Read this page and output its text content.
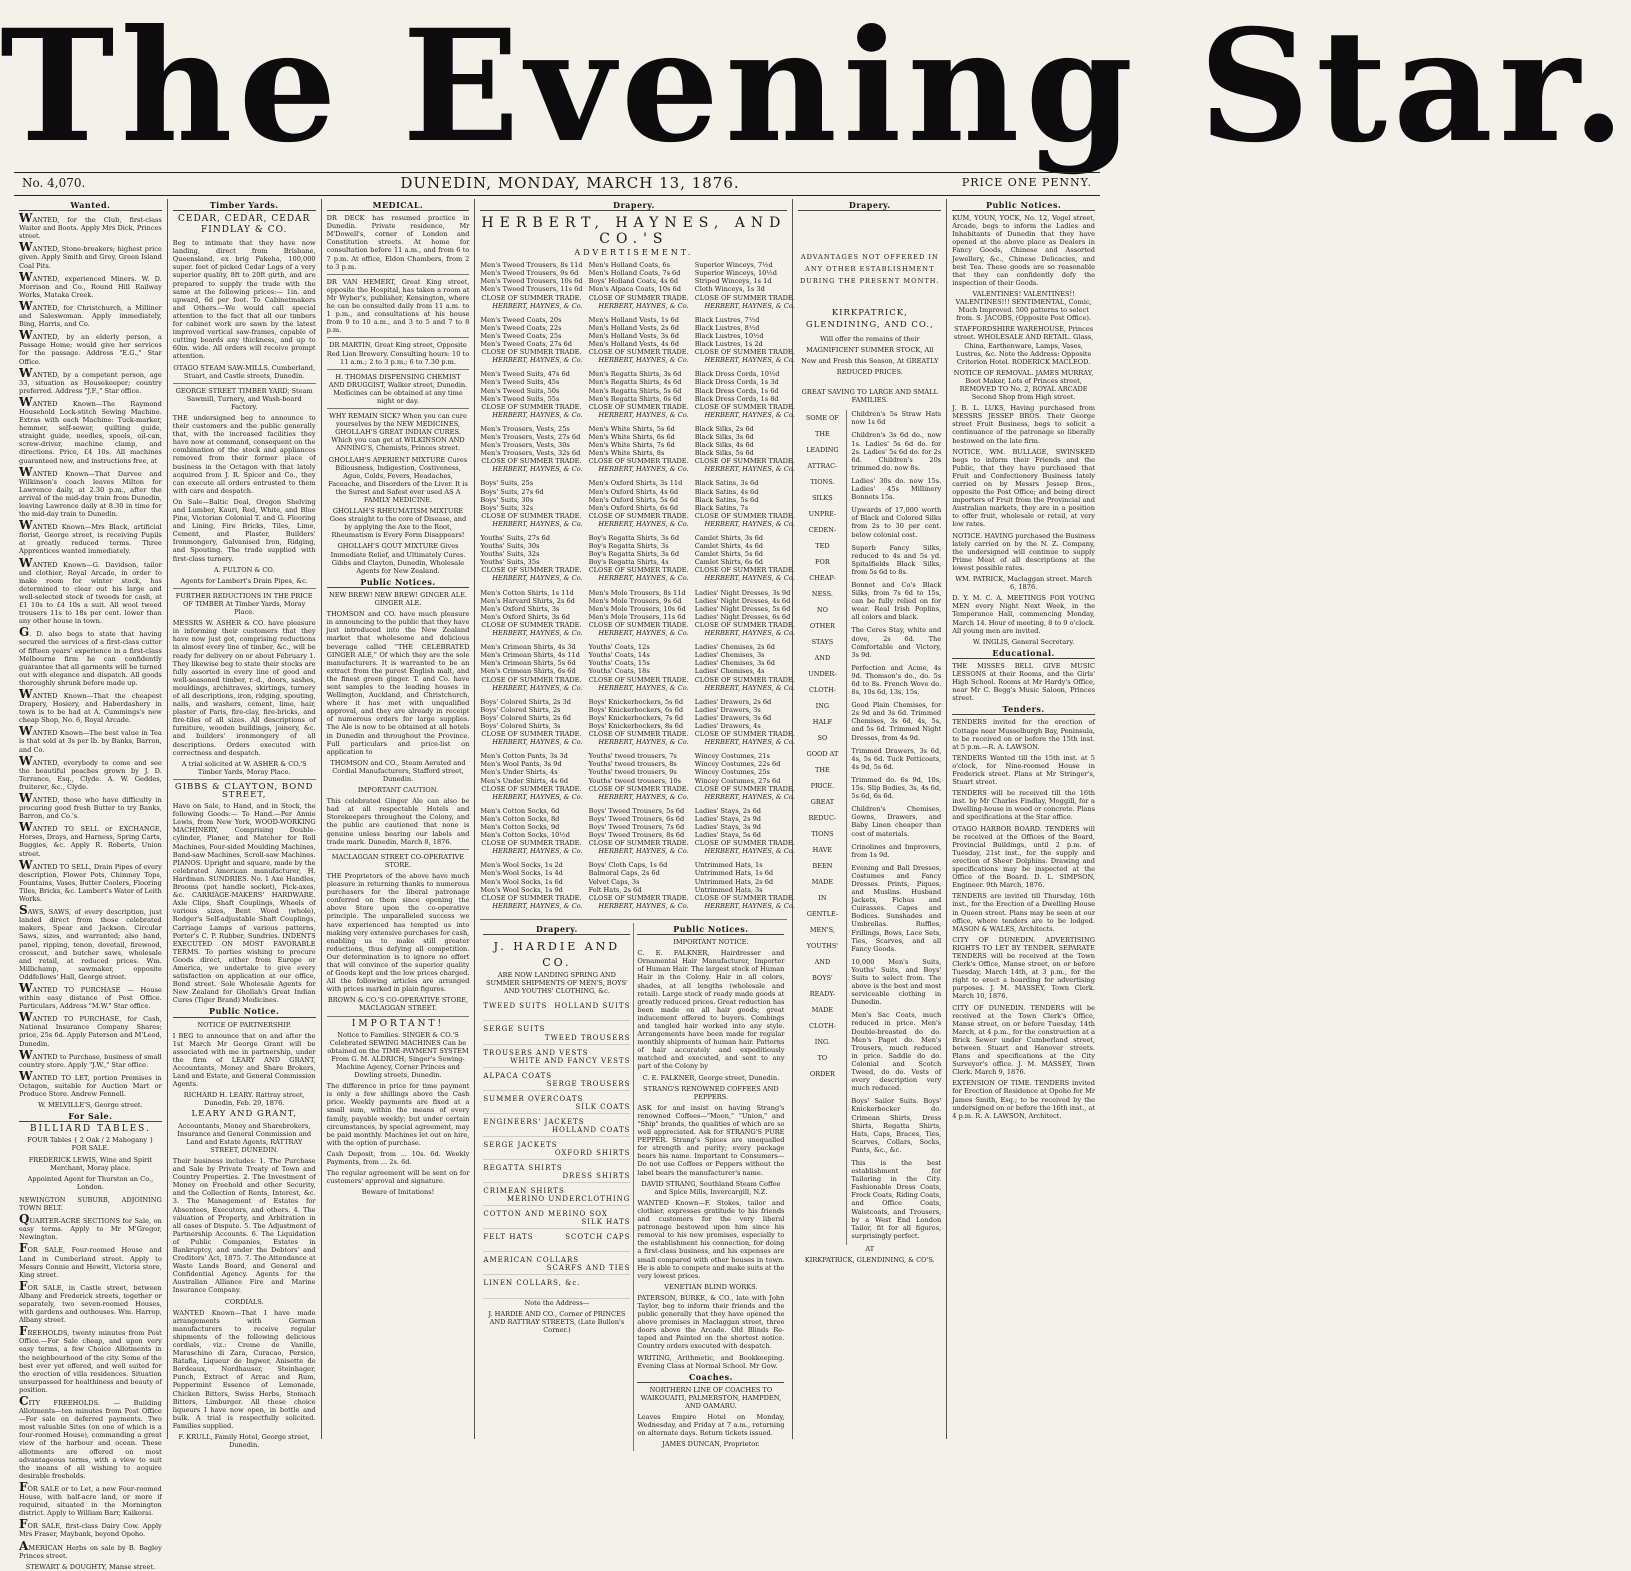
The Evening Star.
No. 4,070.	DUNEDIN, MONDAY, MARCH 13, 1876.	PRICE ONE PENNY.
Wanted.
WANTED, for the Club, first-class Waiter and Boots. Apply Mrs Dick, Princes street.
WANTED, Stone-breakers; highest price given. Apply Smith and Grey, Green Island Coal Pits.
WANTED, experienced Miners. W. D. Morrison and Co., Round Hill Railway Works, Mataka Creek.
WANTED, for Christchurch, a Milliner and Saleswoman. Apply immediately, Bing, Harris, and Co.
WANTED, by an elderly person, a Passage Home; would give her services for the passage. Address "E.G.," Star Office.
WANTED, by a competent person, age 33, situation as Housekeeper; country preferred. Address "J.F.," Star office.
WANTED Known—The Raymond Household Lock-stitch Sewing Machine. Extras with each Machine: Tuck-marker, hemmer, self-sewer, quilting guide, straight guide, needles, spools, oil-can, screw-driver, machine clamp, and directions. Price, £4 10s. All machines guaranteed new, and instructions free, at
WANTED Known—That Darvee and Wilkinson's coach leaves Milton for Lawrence daily, at 2.30 p.m., after the arrival of the mid-day train from Dunedin, leaving Lawrence daily at 8.30 in time for the mid-day train to Dunedin.
WANTED Known—Mrs Black, artificial florist, George street, is receiving Pupils at greatly reduced terms. Three Apprentices wanted immediately.
WANTED Known—G. Davidson, tailor and clothier, Royal Arcade, in order to make room for winter stock, has determined to clear out his large and well-selected stock of tweeds for cash, at £1 10s to £4 10s a suit. All wool tweed trousers 11s to 18s per cent. lower than any other house in town.
G. D. also begs to state that having secured the services of a first-class cutter of fifteen years' experience in a first-class Melbourne firm he can confidently guarantee that all garments will be turned out with elegance and dispatch. All goods thoroughly shrunk before made up.
WANTED Known—That the cheapest Drapery, Hosiery, and Haberdashery in town is to be had at A. Cummings's new cheap Shop, No. 6, Royal Arcade.
WANTED Known—The best value in Tea is that sold at 3s per lb. by Banks, Barron, and Co.
WANTED, everybody to come and see the beautiful peaches grown by J. D. Terrance, Esq., Clyde. A. W. Geddes, fruiterer, &c., Clyde.
WANTED, those who have difficulty in procuring good fresh Butter to try Banks, Barron, and Co.'s.
WANTED TO SELL or EXCHANGE, Horses, Drays, and Harness, Spring Carts, Buggies, &c. Apply R. Roberts, Union street.
WANTED TO SELL, Drain Pipes of every description, Flower Pots, Chimney Tops, Fountains, Vases, Butter Coolers, Flooring Tiles, Bricks, &c. Lambert's Water of Leith Works.
SAWS, SAWS, of every description, just landed direct from those celebrated makers, Spear and Jackson. Circular Saws, sizes, and warranted; also band, panel, ripping, tenon, dovetail, firewood, crosscut, and butcher saws, wholesale and retail, at reduced prices. Wm. Millichamp, sawmaker, opposite Oddfellows' Hall, George street.
WANTED TO PURCHASE — House within easy distance of Post Office. Particulars, Address "M.W." Star office.
WANTED TO PURCHASE, for Cash, National Insurance Company Shares; price, 25s 6d. Apply Paterson and M'Leod, Dunedin.
WANTED to Purchase, business of small country store. Apply "J.W.," Star office.
WANTED TO LET, portion Premises in Octagon, suitable for Auction Mart or Produce Store. Andrew Fennell.
W. MELVILLE'S, George street.
For Sale.
BILLIARD TABLES.
FOUR Tables { 2 Oak / 2 Mahogany } FOR SALE.
FREDERICK LEWIS, Wine and Spirit Merchant, Moray place.
Appointed Agent for Thurston an Co., London.
NEWINGTON SUBURB, ADJOINING TOWN BELT.
QUARTER-ACRE SECTIONS for Sale, on easy terms. Apply to Mr M'Gregor, Newington.
FOR SALE, Four-roomed House and Land in Cumberland street. Apply to Messrs Connie and Hewitt, Victoria store, King street.
FOR SALE, in Castle street, between Albany and Frederick streets, together or separately, two seven-roomed Houses, with gardens and outhouses. Wm. Harrop, Albany street.
FREEHOLDS, twenty minutes from Post Office.—For Sale cheap, and upon very easy terms, a few Choice Allotments in the neighbourhood of the city. Some of the best ever yet offered, and well suited for the erection of villa residences. Situation unsurpassed for healthiness and beauty of position.
CITY FREEHOLDS. — Building Allotments—ten minutes from Post Office—For sale on deferred payments. Two most valuable Sites (on one of which is a four-roomed House), commanding a great view of the harbour and ocean. These allotments are offered on most advantageous terms, with a view to suit the means of all wishing to acquire desirable freeholds.
FOR SALE or to Let, a new Four-roomed House, with half-acre land, or more if required, situated in the Mornington district. Apply to William Barr, Kaikorai.
FOR SALE, first-class Dairy Cow. Apply Mrs Fraser, Maybank, beyond Opoho.
AMERICAN Herbs on sale by B. Bagley Princes street.
STEWART & DOUGHTY, Manse street.
Timber Yards.
CEDAR, CEDAR, CEDAR FINDLAY & CO.
Beg to intimate that they have now landing, direct from Brisbane, Queensland, ex brig Pakeha, 100,000 super. feet of picked Cedar Logs of a very superior quality, 8ft to 20ft girth, and are prepared to supply the trade with the same at the following prices:— 1in. and upward, 6d per foot. To Cabinetmakers and Others.—We would call special attention to the fact that all our timbers for cabinet work are sawn by the latest improved vertical saw-frames, capable of cutting boards any thickness, and up to 60in. wide. All orders will receive prompt attention.
OTAGO STEAM SAW-MILLS. Cumberland, Stuart, and Castle streets, Dunedin.
GEORGE STREET TIMBER YARD, Steam Sawmill, Turnery, and Wash-board Factory.
THE undersigned beg to announce to their customers and the public generally that, with the increased facilities they have now at command, consequent on the combination of the stock and appliances removed from their former place of business in the Octagon with that lately acquired from J. R. Spicer and Co., they can execute all orders entrusted to them with care and despatch.
On Sale—Baltic Deal, Oregon Shelving and Lumber, Kauri, Red, White, and Blue Pine, Victorian Colonial T. and G. Flooring and Lining, Fire Bricks, Tiles, Lime, Cement, and Plaster, Builders' Ironmongery, Galvanised Iron, Ridging, and Spouting. The trade supplied with first-class turnery.
A. FULTON & CO.
Agents for Lambert's Drain Pipes, &c.
FURTHER REDUCTIONS IN THE PRICE OF TIMBER At Timber Yards, Moray Place.
MESSRS W. ASHER & CO. have pleasure in informing their customers that they have now just got, comprising reductions in almost every line of timber, &c., will be ready for delivery on or about February 1. They likewise beg to state their stocks are fully assorted in every line of good and well-seasoned timber, r.-d., doors, sashes, mouldings, architraves, skirtings, turnery of all descriptions, iron, ridging, spouting, nails, and washers, cement, lime, hair, plaster of Paris, fire-clay, fire-bricks, and fire-tiles of all sizes. All descriptions of furniture, wooden buildings, joinery, &c. and builders' ironmongery of all descriptions. Orders executed with correctness and despatch.
A trial solicited at W. ASHER & CO.'S Timber Yards, Moray Place.
GIBBS & CLAYTON, BOND STREET,
Have on Sale, to Hand, and in Stock, the following Goods:— To Hand.—Per Annie Lewis, from New York, WOOD-WORKING MACHINERY, Comprising Double-cylinder, Planer, and Matcher for Roll Machines, Four-sided Moulding Machines, Band-saw Machines, Scroll-saw Machines. PIANOS. Upright and square, made by the celebrated American manufacturer, H. Hardman. SUNDRIES. No. 1 Axe Handles, Brooms (pot handle socket), Pick-axes, &c. CARRIAGE-MAKERS' HARDWARE. Axle Clips, Shaft Couplings, Wheels of various sizes, Bent Wood (whole), Rodger's Self-adjustable Shaft Couplings, Carriage Lamps of various patterns, Porter's C. P. Rubber, Sundries. INDENTS EXECUTED ON MOST FAVORABLE TERMS. To parties wishing to procure Goods direct, either from Europe or America, we undertake to give every satisfaction on application at our office, Bond street. Sole Wholesale Agents for New Zealand for Ghollah's Great Indian Cures (Tiger Brand) Medicines.
Public Notice.
NOTICE OF PARTNERSHIP.
I BEG to announce that on and after the 1st March Mr George Grant will be associated with me in partnership, under the firm of LEARY AND GRANT, Accountants, Money and Share Brokers, Land and Estate, and General Commission Agents.
RICHARD H. LEARY. Rattray street, Dunedin, Feb. 29, 1876.
LEARY AND GRANT,
Accountants, Money and Sharebrokers, Insurance and General Commission and Land and Estate Agents, RATTRAY STREET, DUNEDIN.
Their business includes: 1. The Purchase and Sale by Private Treaty of Town and Country Properties. 2. The Investment of Money on Freehold and other Security, and the Collection of Rents, Interest, &c. 3. The Management of Estates for Absentees, Executors, and others. 4. The valuation of Property, and Arbitration in all cases of Dispute. 5. The Adjustment of Partnership Accounts. 6. The Liquidation of Public Companies, Estates in Bankruptcy, and under the Debtors' and Creditors' Act, 1875. 7. The Attendance at Waste Lands Board, and General and Confidential Agency. Agents for the Australian Alliance Fire and Marine Insurance Company.
CORDIALS.
WANTED Known—That I have made arrangements with German manufacturers to receive regular shipments of the following delicious cordials, viz.: Creme de Vanille, Maraschino di Zara, Curacao, Persico, Ratafia, Liqueur de Ingwer, Anisette de Bordeaux, Nordhauser, Steinhager, Punch, Extract of Arrac and Rum, Peppermint Essence of Lemonade, Chicken Bitters, Swiss Herbs, Stomach Bitters, Limburger. All these choice liqueurs I have now open, in bottle and bulk. A trial is respectfully solicited. Families supplied.
F. KRULL, Family Hotel, George street, Dunedin.
MEDICAL.
DR DECK has resumed practice in Dunedin. Private residence, Mr M'Dowell's, corner of London and Constitution streets. At home for consultation before 11 a.m., and from 6 to 7 p.m. At office, Eldon Chambers, from 2 to 3 p.m.
DR VAN HEMERT, Great King street, opposite the Hospital, has taken a room at Mr Wyber's, publisher, Kensington, where he can be consulted daily from 11 a.m. to 1 p.m., and consultations at his house from 9 to 10 a.m., and 3 to 5 and 7 to 8 p.m.
DR MARTIN, Great King street, Opposite Red Lion Brewery. Consulting hours: 10 to 11 a.m.; 2 to 3 p.m.; 6 to 7.30 p.m.
H. THOMAS DISPENSING CHEMIST AND DRUGGIST, Walker street, Dunedin. Medicines can be obtained at any time night or day.
WHY REMAIN SICK? When you can cure yourselves by the NEW MEDICINES, GHOLLAH'S GREAT INDIAN CURES. Which you can get at WILKINSON AND ANNING'S, Chemists, Princes street.
GHOLLAH'S APERIENT MIXTURE Cures Biliousness, Indigestion, Costiveness, Ague, Colds, Fevers, Headaches, Faceache, and Disorders of the Liver. It is the Surest and Safest ever used AS A FAMILY MEDICINE.
GHOLLAH'S RHEUMATISM MIXTURE Goes straight to the core of Disease, and by applying the Axe to the Root, Rheumatism is Every Form Disappears!
GHOLLAH'S GOUT MIXTURE Gives Immediate Relief, and Ultimately Cures. Gibbs and Clayton, Dunedin, Wholesale Agents for New Zealand.
Public Notices.
NEW BREW! NEW BREW! GINGER ALE. GINGER ALE.
THOMSON and CO. have much pleasure in announcing to the public that they have just introduced into the New Zealand market that wholesome and delicious beverage called "THE CELEBRATED GINGER ALE," Of which they are the sole manufacturers. It is warranted to be an extract from the purest English malt, and the finest green ginger. T. and Co. have sent samples to the leading houses in Wellington, Auckland, and Christchurch, where it has met with unqualified approval, and they are already in receipt of numerous orders for large supplies. The Ale is now to be obtained at all hotels in Dunedin and throughout the Province. Full particulars and price-list on application to
THOMSON and CO., Steam Aerated and Cordial Manufacturers, Stafford street, Dunedin.
IMPORTANT CAUTION.
This celebrated Ginger Ale can also be had at all respectable Hotels and Storekeepers throughout the Colony, and the public are cautioned that none is genuine unless bearing our labels and trade mark. Dunedin, March 8, 1876.
MACLAGGAN STREET CO-OPERATIVE STORE.
THE Proprietors of the above have much pleasure in returning thanks to numerous purchasers for the liberal patronage conferred on them since opening the above Store upon the co-operative principle. The unparalleled success we have experienced has tempted us into making very extensive purchases for cash, enabling us to make still greater reductions, thus defying all competition. Our determination is to ignore no effort that will convince of the superior quality of Goods kept and the low prices charged. All the following articles are arranged with prices marked in plain figures.
BROWN & CO.'S CO-OPERATIVE STORE, MACLAGGAN STREET.
IMPORTANT!
Notice to Families. SINGER & CO.'S Celebrated SEWING MACHINES Can be obtained on the TIME-PAYMENT SYSTEM From G. M. ALDRICH, Singer's Sewing-Machine Agency, Corner Princes and Dowling streets, Dunedin.
The difference in price for time payment is only a few shillings above the Cash price. Weekly payments are fixed at a small sum, within the means of every family, payable weekly; but under certain circumstances, by special agreement, may be paid monthly. Machines let out on hire, with the option of purchase.
Cash Deposit, from ... 10s. 6d. Weekly Payments, from ... 2s. 6d.
The regular agreement will be sent on for customers' approval and signature.
Beware of Imitations!
Drapery.
HERBERT, HAYNES, AND CO.'S
ADVERTISEMENT.
Men's Tweed Trousers, 8s 11d
Men's Tweed Trousers, 9s 6d
Men's Tweed Trousers, 10s 6d
Men's Tweed Trousers, 11s 6d
CLOSE OF SUMMER TRADE.
HERBERT, HAYNES, & Co.
Men's Tweed Coats, 20s
Men's Tweed Coats, 22s
Men's Tweed Coats, 25s
Men's Tweed Coats, 27s 6d
CLOSE OF SUMMER TRADE.
HERBERT, HAYNES, & Co.
Men's Tweed Suits, 47s 6d
Men's Tweed Suits, 45s
Men's Tweed Suits, 50s
Men's Tweed Suits, 55s
CLOSE OF SUMMER TRADE.
HERBERT, HAYNES, & Co.
Men's Trousers, Vests, 25s
Men's Trousers, Vests, 27s 6d
Men's Trousers, Vests, 30s
Men's Trousers, Vests, 32s 6d
CLOSE OF SUMMER TRADE.
HERBERT, HAYNES, & Co.
Boys' Suits, 25s
Boys' Suits, 27s 6d
Boys' Suits, 30s
Boys' Suits, 32s
CLOSE OF SUMMER TRADE.
HERBERT, HAYNES, & Co.
Youths' Suits, 27s 6d
Youths' Suits, 30s
Youths' Suits, 32s
Youths' Suits, 35s
CLOSE OF SUMMER TRADE.
HERBERT, HAYNES, & Co.
Men's Cotton Shirts, 1s 11d
Men's Harvard Shirts, 2s 6d
Men's Oxford Shirts, 3s
Men's Oxford Shirts, 3s 6d
CLOSE OF SUMMER TRADE.
HERBERT, HAYNES, & Co.
Men's Crimean Shirts, 4s 3d
Men's Crimean Shirts, 4s 11d
Men's Crimean Shirts, 5s 6d
Men's Crimean Shirts, 6s 6d
CLOSE OF SUMMER TRADE.
HERBERT, HAYNES, & Co.
Boys' Colored Shirts, 2s 3d
Boys' Colored Shirts, 2s
Boys' Colored Shirts, 2s 6d
Boys' Colored Shirts, 3s
CLOSE OF SUMMER TRADE.
HERBERT, HAYNES, & Co.
Men's Cotton Pants, 3s 3d
Men's Wool Pants, 3s 9d
Men's Under Shirts, 4s
Men's Under Shirts, 4s 6d
CLOSE OF SUMMER TRADE.
HERBERT, HAYNES, & Co.
Men's Cotton Socks, 6d
Men's Cotton Socks, 8d
Men's Cotton Socks, 9d
Men's Cotton Socks, 10½d
CLOSE OF SUMMER TRADE.
HERBERT, HAYNES, & Co.
Men's Wool Socks, 1s 2d
Men's Wool Socks, 1s 4d
Men's Wool Socks, 1s 6d
Men's Wool Socks, 1s 9d
CLOSE OF SUMMER TRADE.
HERBERT, HAYNES, & Co.
Men's Holland Coats, 6s
Men's Holland Coats, 7s 6d
Boys' Holland Coats, 4s 6d
Men's Alpaca Coats, 10s 6d
CLOSE OF SUMMER TRADE.
HERBERT, HAYNES, & Co.
Men's Holland Vests, 1s 6d
Men's Holland Vests, 2s 6d
Men's Holland Vests, 3s 6d
Men's Holland Vests, 4s 6d
CLOSE OF SUMMER TRADE.
HERBERT, HAYNES, & Co.
Men's Regatta Shirts, 3s 6d
Men's Regatta Shirts, 4s 6d
Men's Regatta Shirts, 5s 6d
Men's Regatta Shirts, 6s 6d
CLOSE OF SUMMER TRADE.
HERBERT, HAYNES, & Co.
Men's White Shirts, 5s 6d
Men's White Shirts, 6s 6d
Men's White Shirts, 7s 6d
Men's White Shirts, 8s
CLOSE OF SUMMER TRADE.
HERBERT, HAYNES, & Co.
Men's Oxford Shirts, 3s 11d
Men's Oxford Shirts, 4s 6d
Men's Oxford Shirts, 5s 6d
Men's Oxford Shirts, 6s 6d
CLOSE OF SUMMER TRADE.
HERBERT, HAYNES, & Co.
Boy's Regatta Shirts, 3s 6d
Boy's Regatta Shirts, 3s
Boy's Regatta Shirts, 3s 6d
Boy's Regatta Shirts, 4s
CLOSE OF SUMMER TRADE.
HERBERT, HAYNES, & Co.
Men's Mole Trousers, 8s 11d
Men's Mole Trousers, 9s 6d
Men's Mole Trousers, 10s 6d
Men's Mole Trousers, 11s 6d
CLOSE OF SUMMER TRADE.
HERBERT, HAYNES, & Co.
Youths' Coats, 12s
Youths' Coats, 14s
Youths' Coats, 15s
Youths' Coats, 18s
CLOSE OF SUMMER TRADE.
HERBERT, HAYNES, & Co.
Boys' Knickerbockers, 5s 6d
Boys' Knickerbockers, 6s 6d
Boys' Knickerbockers, 7s 6d
Boys' Knickerbockers, 8s 6d
CLOSE OF SUMMER TRADE.
HERBERT, HAYNES, & Co.
Youths' tweed trousers, 7s
Youths' tweed trousers, 8s
Youths' tweed trousers, 9s
Youths' tweed trousers, 10s
CLOSE OF SUMMER TRADE.
HERBERT, HAYNES, & Co.
Boys' Tweed Trousers, 5s 6d
Boys' Tweed Trousers, 6s 6d
Boys' Tweed Trousers, 7s 6d
Boys' Tweed Trousers, 8s 6d
CLOSE OF SUMMER TRADE.
HERBERT, HAYNES, & Co.
Boys' Cloth Caps, 1s 6d
Balmoral Caps, 2s 6d
Velvet Caps, 3s
Felt Hats, 2s 6d
CLOSE OF SUMMER TRADE.
HERBERT, HAYNES, & Co.
Superior Winceys, 7½d
Superior Winceys, 10½d
Striped Winceys, 1s 1d
Cloth Winceys, 1s 3d
CLOSE OF SUMMER TRADE.
HERBERT, HAYNES, & Co.
Black Lustres, 7½d
Black Lustres, 8½d
Black Lustres, 10½d
Black Lustres, 1s 2d
CLOSE OF SUMMER TRADE.
HERBERT, HAYNES, & Co.
Black Dress Cords, 10½d
Black Dress Cords, 1s 3d
Black Dress Cords, 1s 6d
Black Dress Cords, 1s 8d
CLOSE OF SUMMER TRADE.
HERBERT, HAYNES, & Co.
Black Silks, 2s 6d
Black Silks, 3s 6d
Black Silks, 4s 6d
Black Silks, 5s 6d
CLOSE OF SUMMER TRADE.
HERBERT, HAYNES, & Co.
Black Satins, 3s 6d
Black Satins, 4s 6d
Black Satins, 5s 6d
Black Satins, 7s
CLOSE OF SUMMER TRADE.
HERBERT, HAYNES, & Co.
Camlet Shirts, 3s 6d
Camlet Shirts, 4s 6d
Camlet Shirts, 5s 6d
Camlet Shirts, 6s 6d
CLOSE OF SUMMER TRADE.
HERBERT, HAYNES, & Co.
Ladies' Night Dresses, 3s 9d
Ladies' Night Dresses, 4s 6d
Ladies' Night Dresses, 5s 6d
Ladies' Night Dresses, 6s 6d
CLOSE OF SUMMER TRADE.
HERBERT, HAYNES, & Co.
Ladies' Chemises, 2s 6d
Ladies' Chemises, 3s
Ladies' Chemises, 3s 6d
Ladies' Chemises, 4s
CLOSE OF SUMMER TRADE.
HERBERT, HAYNES, & Co.
Ladies' Drawers, 2s 6d
Ladies' Drawers, 3s
Ladies' Drawers, 3s 6d
Ladies' Drawers, 4s
CLOSE OF SUMMER TRADE.
HERBERT, HAYNES, & Co.
Wincey Costumes, 21s
Wincey Costumes, 22s 6d
Wincey Costumes, 25s
Wincey Costumes, 27s 6d
CLOSE OF SUMMER TRADE.
HERBERT, HAYNES, & Co.
Ladies' Stays, 2s 6d
Ladies' Stays, 2s 9d
Ladies' Stays, 3s 9d
Ladies' Stays, 5s 6d
CLOSE OF SUMMER TRADE.
HERBERT, HAYNES, & Co.
Untrimmed Hats, 1s
Untrimmed Hats, 1s 6d
Untrimmed Hats, 2s 6d
Untrimmed Hats, 3s
CLOSE OF SUMMER TRADE.
HERBERT, HAYNES, & Co.
Drapery.
J. HARDIE AND CO.
ARE NOW LANDING SPRING AND SUMMER SHIPMENTS OF MEN'S, BOYS' AND YOUTHS' CLOTHING, &c.
TWEED SUITS HOLLAND SUITS
SERGE SUITS
TWEED TROUSERS
TROUSERS AND VESTS
WHITE AND FANCY VESTS
ALPACA COATS
SERGE TROUSERS
SUMMER OVERCOATS
SILK COATS
ENGINEERS' JACKETS
HOLLAND COATS
SERGE JACKETS
OXFORD SHIRTS
REGATTA SHIRTS
DRESS SHIRTS
CRIMEAN SHIRTS
MERINO UNDERCLOTHING
COTTON AND MERINO SOX
SILK HATS
FELT HATS	SCOTCH CAPS
AMERICAN COLLARS
SCARFS AND TIES
LINEN COLLARS, &c.
Note the Address—
J. HARDIE AND CO., Corner of PRINCES AND RATTRAY STREETS, (Late Bullen's Corner.)
Public Notices.
IMPORTANT NOTICE.
C. E. FALKNER, Hairdresser and Ornamental Hair Manufacturer, Importer of Human Hair. The largest stock of Human Hair in the Colony. Hair in all colors, shades, at all lengths (wholesale and retail). Large stock of ready made goods at greatly reduced prices. Great reduction has been made on all hair goods; great inducement offered to buyers. Combings and tangled hair worked into any style. Arrangements have been made for regular monthly shipments of human hair. Patterns of hair accurately and expeditiously matched and executed, and sent to any part of the Colony by
C. E. FALKNER, George street, Dunedin.
STRANG'S RENOWNED COFFEES AND PEPPERS.
ASK for and insist on having Strang's renowned Coffees—"Moon," "Union," and "Ship" brands, the qualities of which are so well appreciated. Ask for STRANG'S PURE PEPPER. Strang's Spices are unequalled for strength and purity; every package bears his name. Important to Consumers—Do not use Coffees or Peppers without the label bears the manufacturer's name.
DAVID STRANG, Southland Steam Coffee and Spice Mills, Invercargill, N.Z.
WANTED Known—F. Stokes, tailor and clothier, expresses gratitude to his friends and customers for the very liberal patronage bestowed upon him since his removal to his new premises, especially to the establishment his connection, for doing a first-class business, and his expenses are small compared with other houses in town. He is able to compete and make suits at the very lowest prices.
VENETIAN BLIND WORKS.
PATERSON, BURKE, & CO., late with John Taylor, beg to inform their friends and the public generally that they have opened the above premises in Maclaggan street, three doors above the Arcade. Old Blinds Re-taped and Painted on the shortest notice. Country orders executed with despatch.
WRITING, Arithmetic, and Bookkeeping. Evening Class at Normal School. Mr Gow.
Coaches.
NORTHERN LINE OF COACHES TO WAIKOUAITI, PALMERSTON, HAMPDEN, AND OAMARU.
Leaves Empire Hotel on Monday, Wednesday, and Friday at 7 a.m., returning on alternate days. Return tickets issued.
JAMES DUNCAN, Proprietor.
Drapery.
ADVANTAGES NOT OFFERED IN ANY OTHER ESTABLISHMENT DURING THE PRESENT MONTH.
KIRKPATRICK, GLENDINING, AND CO.,
Will offer the remains of their MAGNIFICENT SUMMER STOCK, All New and Fresh this Season, At GREATLY REDUCED PRICES.
GREAT SAVING TO LARGE AND SMALL FAMILIES.
SOME OF
THE
LEADING
ATTRAC-
TIONS.
SILKS
UNPRE-
CEDEN-
TED
FOR
CHEAP-
NESS.
NO
OTHER
STAYS
AND
UNDER-
CLOTH-
ING
HALF
SO
GOOD AT
THE
PRICE.
GREAT
REDUC-
TIONS
HAVE
BEEN
MADE
IN
GENTLE-
MEN'S,
YOUTHS'
AND
BOYS'
READY-
MADE
CLOTH-
ING.
TO
ORDER
Children's 5s Straw Hats now 1s 6d
Children's 3s 6d do., now 1s. Ladies' 5s 6d do. for 2s. Ladies' 5s 6d do. for 2s 6d. Children's 20s trimmed do. now 8s.
Ladies' 30s do. now 15s. Ladies' 45s Millinery Bonnets 15s.
Upwards of 17,000 worth of Black and Colored Silks from 2s to 30 per cent. below colonial cost.
Superb Fancy Silks, reduced to 4s and 5s yd. Spitalfields Black Silks, from 5s 6d to 8s.
Bonnet and Co's Black Silks, from 7s 6d to 15s, can be fully relied on for wear. Real Irish Poplins, all colors and black.
The Ceres Stay, white and dove, 2s 6d. The Comfortable and Victory, 3s 9d.
Perfection and Acme, 4s 9d. Thomson's do., do. 5s 6d to 8s. French Wove do. 8s, 10s 6d, 13s, 15s.
Good Plain Chemises, for 2s 9d and 3s 6d. Trimmed Chemises, 3s 6d, 4s, 5s, and 5s 6d. Trimmed Night Dresses, from 4s 9d.
Trimmed Drawers, 3s 6d, 4s, 5s 6d. Tuck Petticoats, 4s 9d, 5s 6d.
Trimmed do. 6s 9d, 10s, 15s. Slip Bodies, 3s, 4s 6d, 5s 6d, 6s 6d.
Children's Chemises, Gowns, Drawers, and Baby Linen cheaper than cost of materials.
Crinolines and Improvers, from 1s 9d.
Evening and Ball Dresses, Costumes and Fancy Dresses. Prints, Piques, and Muslins. Husband Jackets, Fichus and Cuirasses. Capes and Bodices. Sunshades and Umbrellas. Ruffles, Frillings, Bows, Lace Sets, Ties, Scarves, and all Fancy Goods.
10,000 Men's Suits, Youths' Suits, and Boys' Suits to select from. The above is the best and most serviceable clothing in Dunedin.
Men's Sac Coats, much reduced in price. Men's Double-breasted do do. Men's Paget do. Men's Trousers, much reduced in price. Saddle do do. Colonial and Scotch Tweed, do do. Vests of every description very much reduced.
Boys' Sailor Suits. Boys' Knickerbocker do. Crimean Shirts, Dress Shirts, Regatta Shirts, Hats, Caps, Braces, Ties, Scarves, Collars, Socks, Pants, &c., &c.
This is the best establishment for Tailoring in the City. Fashionable Dress Coats, Frock Coats, Riding Coats, and Office Coats, Waistcoats, and Trousers, by a West End London Tailor, fit for all figures, surprisingly perfect.
AT
KIRKPATRICK, GLENDINING, & CO'S.
Public Notices.
KUM, YOUN, YOCK, No. 12, Vogel street, Arcade, begs to inform the Ladies and Inhabitants of Dunedin that they have opened at the above place as Dealers in Fancy Goods, Chinese and Assorted Jewellery, &c., Chinese Delicacies, and best Tea. These goods are so reasonable that they can confidently defy the inspection of their Goods.
VALENTINES! VALENTINES!! VALENTINES!!! SENTIMENTAL, Comic, Much Improved. 500 patterns to select from. S. JACOBS, (Opposite Post Office).
STAFFORDSHIRE WAREHOUSE, Princes street. WHOLESALE AND RETAIL. Glass, China, Earthenware, Lamps, Vases, Lustres, &c. Note the Address: Opposite Criterion Hotel. RODERICK MACLEOD.
NOTICE OF REMOVAL. JAMES MURRAY, Boot Maker, Lots of Princes street, REMOVED TO No. 2, ROYAL ARCADE Second Shop from High street.
J. B. L. LUKS, Having purchased from MESSRS JESSEP BROS. Their George street Fruit Business, begs to solicit a continuance of the patronage so liberally bestowed on the late firm.
NOTICE. WM. BULLAGE, SWINSKED begs to inform their Friends and the Public, that they have purchased that Fruit and Confectionery Business lately carried on by Messrs Jessep Bros., opposite the Post Office; and being direct importers of Fruit from the Provincial and Australian markets, they are in a position to offer fruit, wholesale or retail, at very low rates.
NOTICE. HAVING purchased the Business lately carried on by the N. Z. Company, the undersigned will continue to supply Prime Meat of all descriptions at the lowest possible rates.
WM. PATRICK, Maclaggan street. March 6, 1876.
D. Y. M. C. A. MEETINGS FOR YOUNG MEN every Night Next Week, in the Temperance Hall, commencing Monday, March 14. Hour of meeting, 8 to 9 o'clock. All young men are invited.
W. INGLIS, General Secretary.
Educational.
THE MISSES BELL GIVE MUSIC LESSONS at their Rooms, and the Girls' High School. Rooms at Mr Hardy's Office, near Mr C. Begg's Music Saloon, Princes street.
Tenders.
TENDERS invited for the erection of Cottage near Musselburgh Bay, Peninsula, to be received on or before the 15th inst. at 5 p.m.—R. A. LAWSON.
TENDERS Wanted till the 15th inst. at 5 o'clock, for Nine-roomed House in Frederick street. Plans at Mr Stringer's, Stuart street.
TENDERS will be received till the 16th inst. by Mr Charles Findlay, Moggill, for a Dwelling-house in wood or concrete. Plans and specifications at the Star office.
OTAGO HARBOR BOARD. TENDERS will be received at the Offices of the Board, Provincial Buildings, until 2 p.m. of Tuesday, 21st inst., for the supply and erection of Sheer Dolphins. Drawing and specifications may be inspected at the Office of the Board. D. L. SIMPSON, Engineer. 9th March, 1876.
TENDERS are invited till Thursday, 16th inst., for the Erection of a Dwelling House in Queen street. Plans may be seen at our office, where tenders are to be lodged. MASON & WALES, Architects.
CITY OF DUNEDIN. ADVERTISING RIGHTS TO LET BY TENDER. SEPARATE TENDERS will be received at the Town Clerk's Office, Manse street, on or before Tuesday, March 14th, at 3 p.m., for the right to erect a hoarding for advertising purposes. J. M. MASSEY, Town Clerk. March 10, 1876.
CITY OF DUNEDIN. TENDERS will be received at the Town Clerk's Office, Manse street, on or before Tuesday, 14th March, at 4 p.m., for the construction at a Brick Sewer under Cumberland street, between Stuart and Hanover streets. Plans and specifications at the City Surveyor's office. J. M. MASSEY, Town Clerk. March 9, 1876.
EXTENSION OF TIME. TENDERS invited for Erection of Residence at Opoho for Mr James Smith, Esq.; to be received by the undersigned on or before the 16th inst., at 4 p.m. R. A. LAWSON, Architect.
